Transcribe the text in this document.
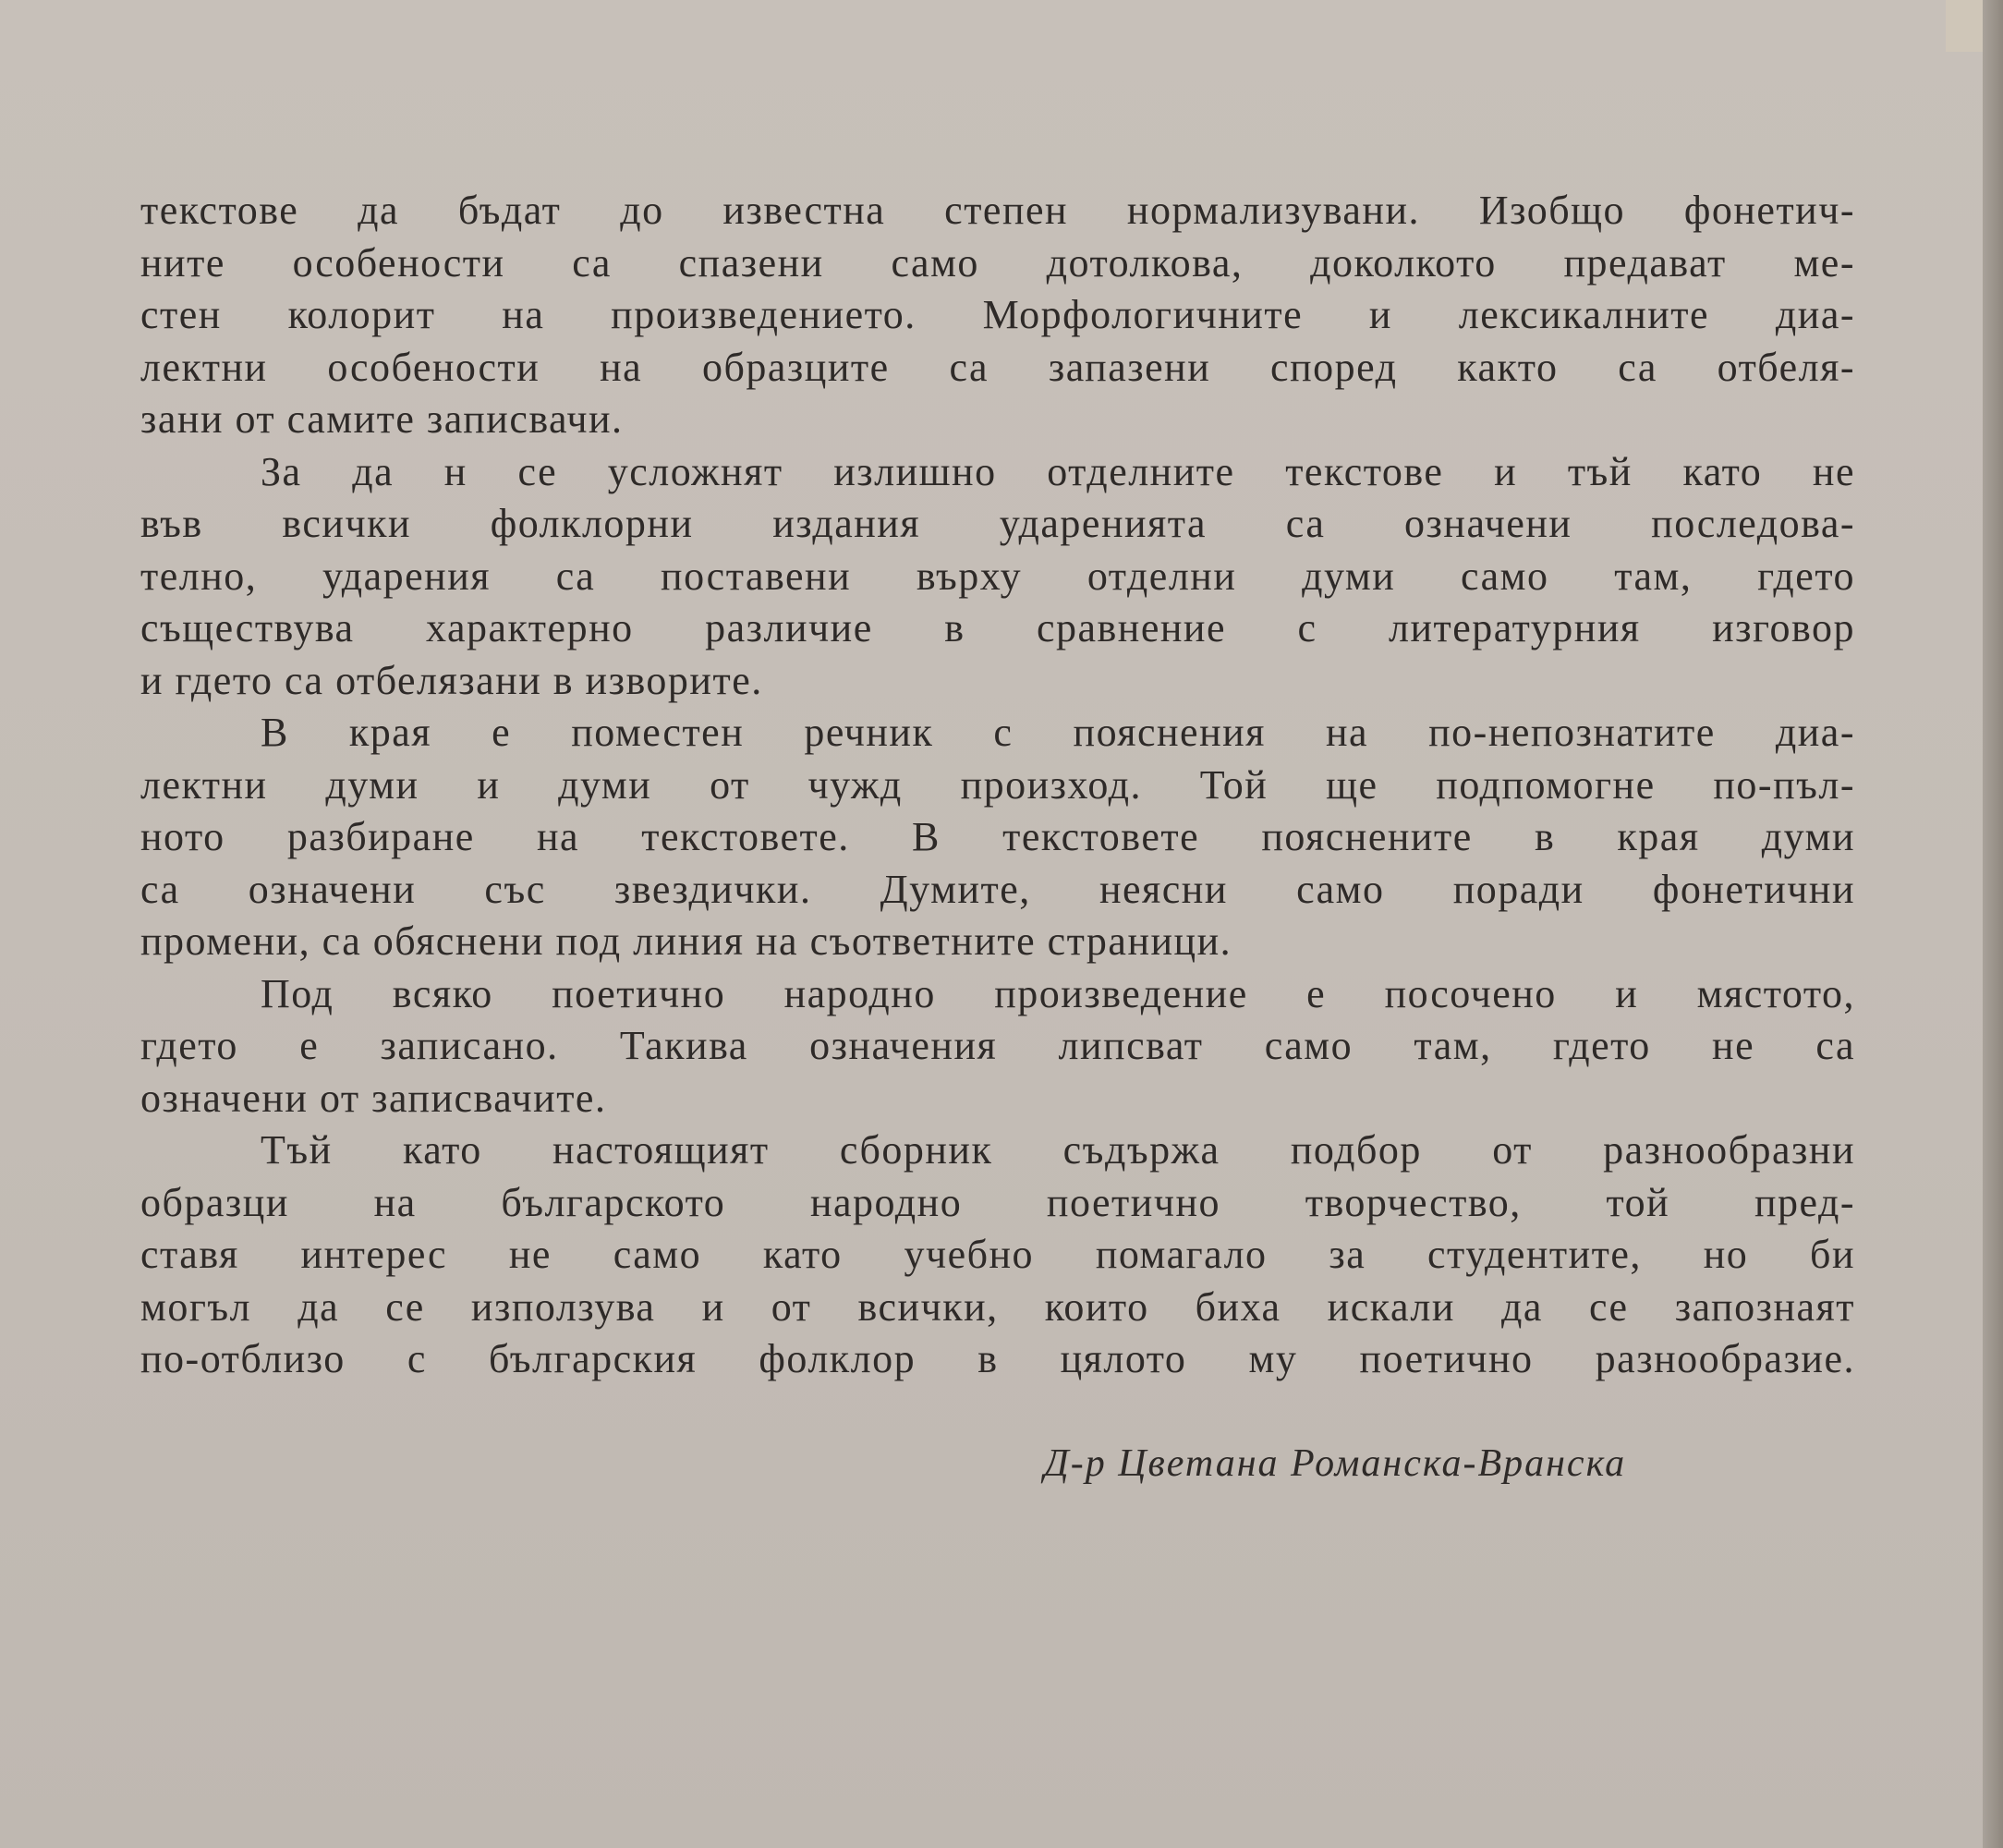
текстове да бъдат до известна степен нормализувани. Изобщо фонетич-
ните особености са спазени само дотолкова, доколкото предават ме-
стен колорит на произведението. Морфологичните и лексикалните диа-
лектни особености на образците са запазени според както са отбеля-
зани от самите записвачи.
За да н се усложнят излишно отделните текстове и тъй като не
във всички фолклорни издания ударенията са означени последова-
телно, ударения са поставени върху отделни думи само там, гдето
съществува характерно различие в сравнение с литературния изговор
и гдето са отбелязани в изворите.
В края е поместен речник с пояснения на по-непознатите диа-
лектни думи и думи от чужд произход. Той ще подпомогне по-пъл-
ното разбиране на текстовете. В текстовете пояснените в края думи
са означени със звездички. Думите, неясни само поради фонетични
промени, са обяснени под линия на съответните страници.
Под всяко поетично народно произведение е посочено и мястото,
гдето е записано. Такива означения липсват само там, гдето не са
означени от записвачите.
Тъй като настоящият сборник съдържа подбор от разнообразни
образци на българското народно поетично творчество, той пред-
ставя интерес не само като учебно помагало за студентите, но би
могъл да се използува и от всички, които биха искали да се запознаят
по-отблизо с българския фолклор в цялото му поетично разнообразие.
Д-р Цветана Романска-Вранска
